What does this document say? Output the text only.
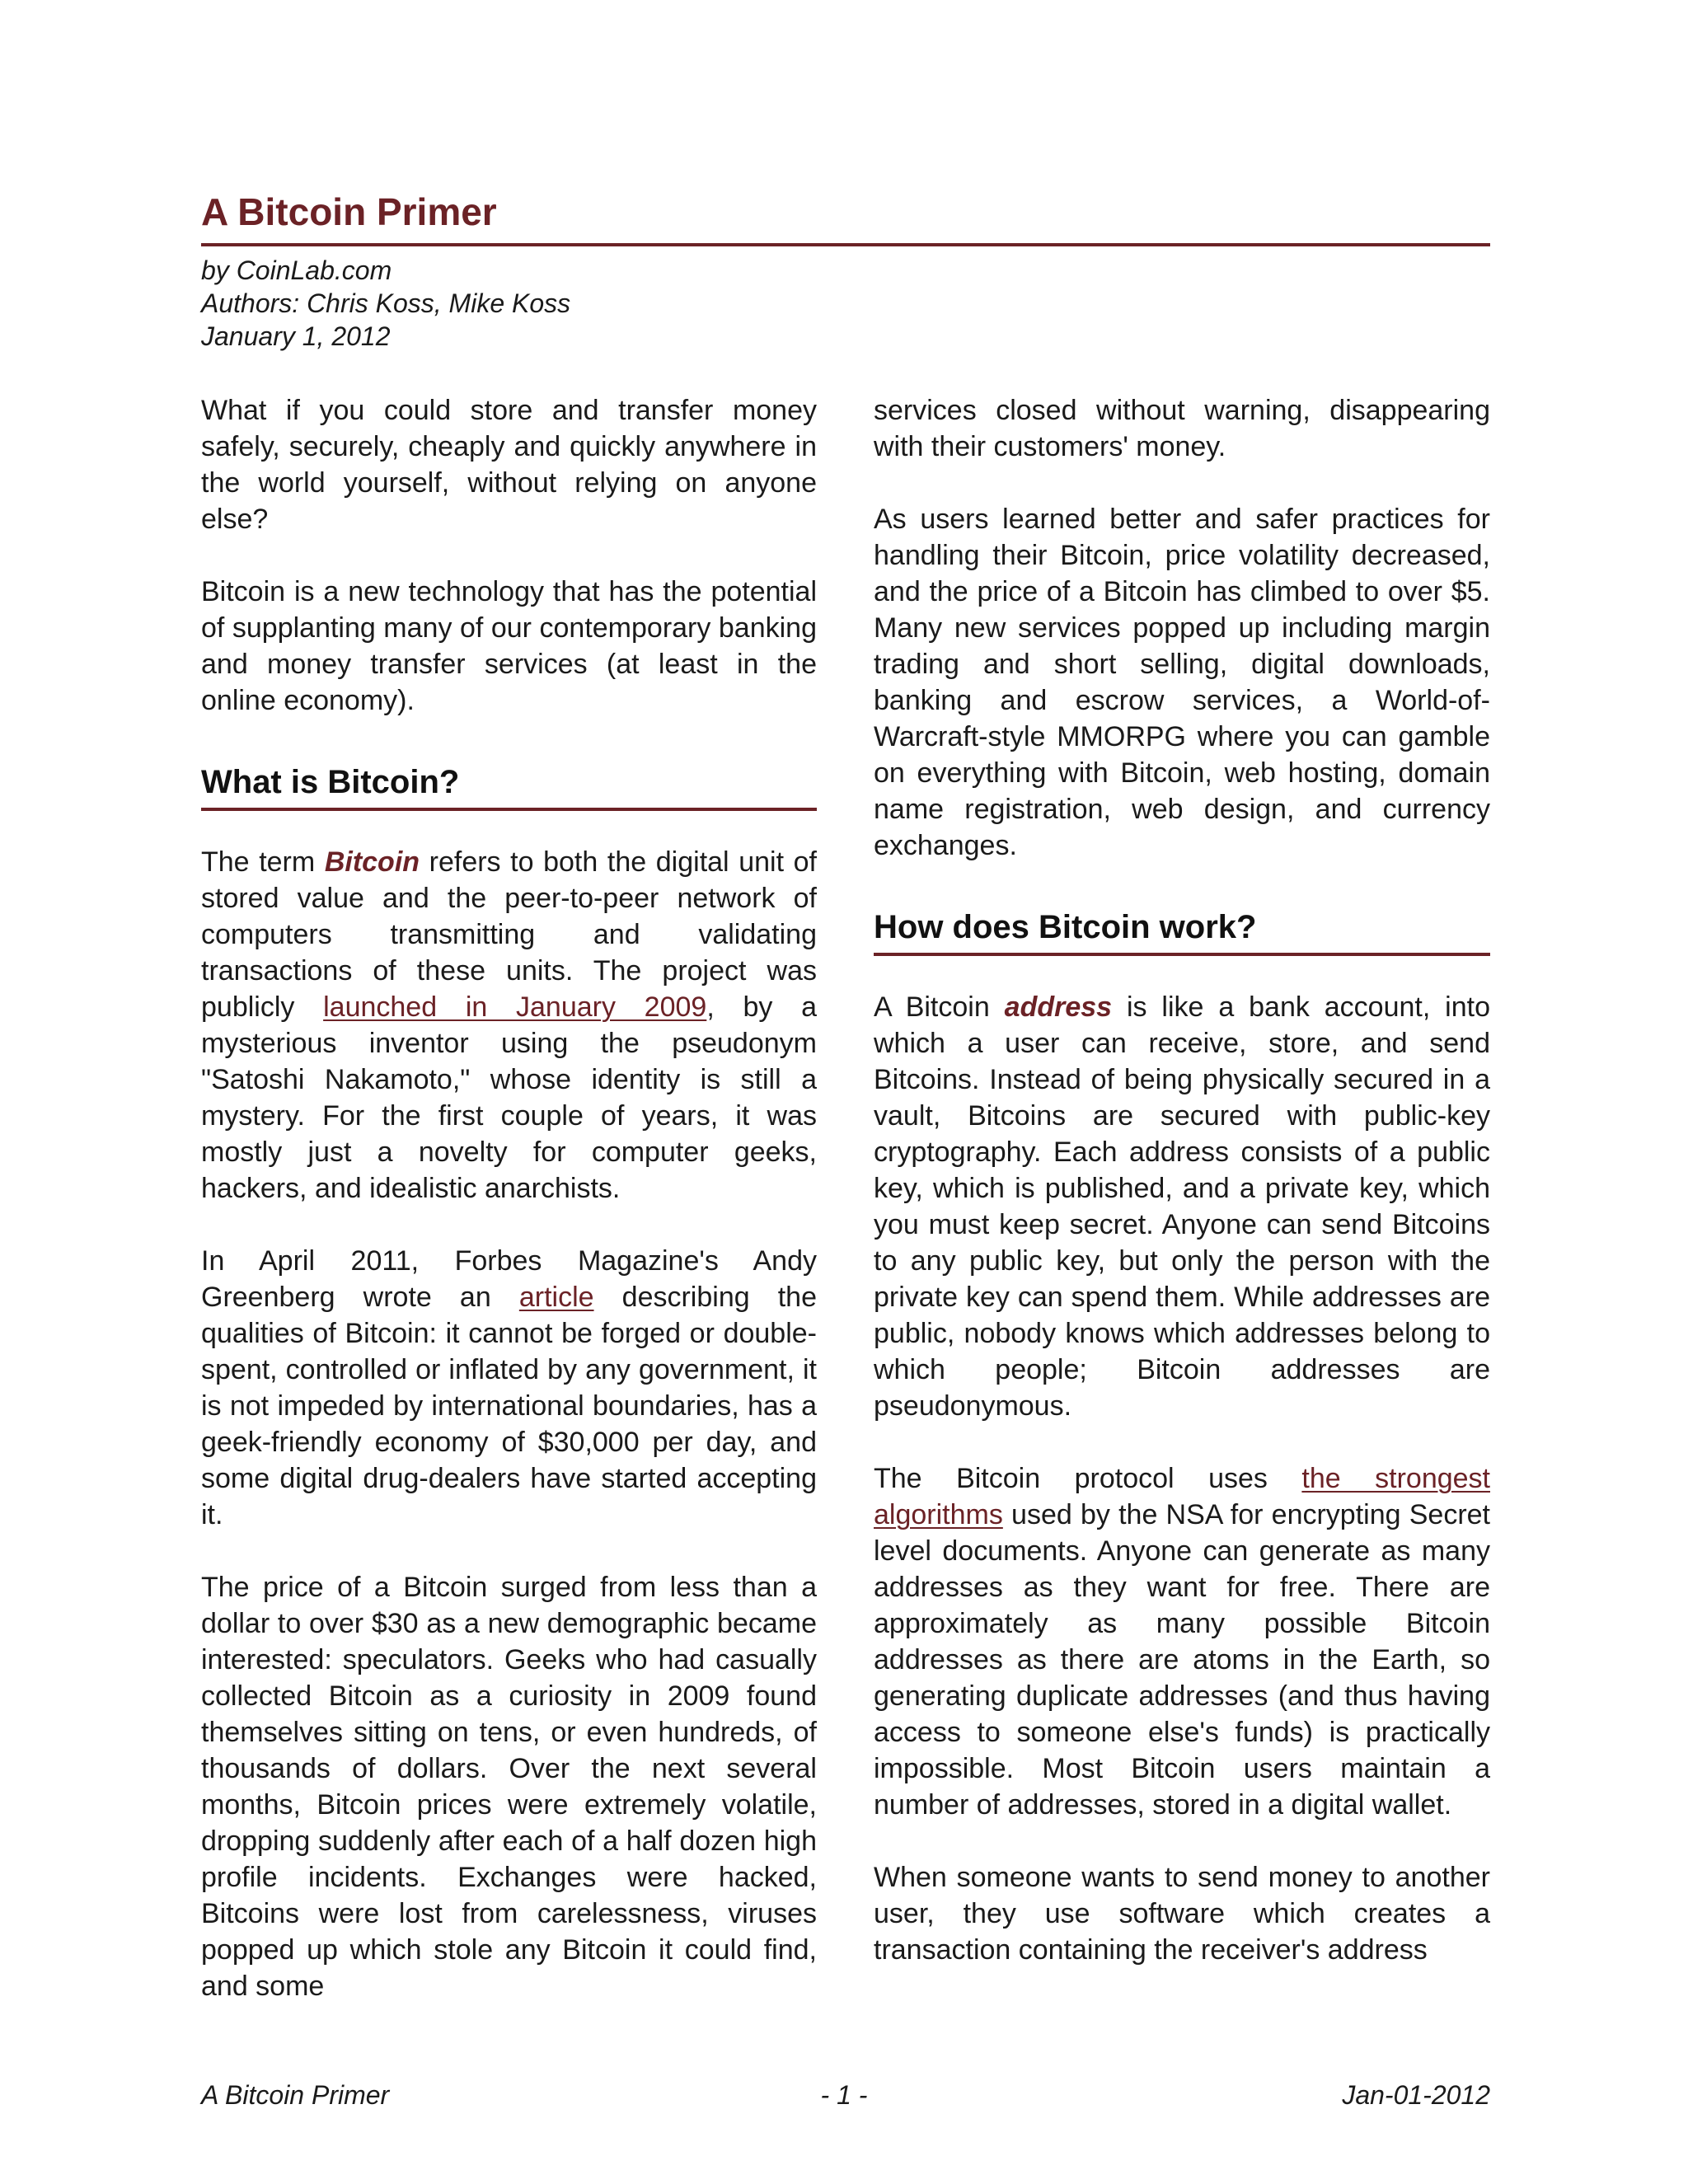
A Bitcoin Primer
by CoinLab.com
Authors: Chris Koss, Mike Koss
January 1, 2012

What if you could store and transfer money safely, securely, cheaply and quickly anywhere in the world yourself, without relying on anyone else?

Bitcoin is a new technology that has the potential of supplanting many of our contemporary banking and money transfer services (at least in the online economy).

What is Bitcoin?

The term Bitcoin refers to both the digital unit of stored value and the peer-to-peer network of computers transmitting and validating transactions of these units. The project was publicly launched in January 2009, by a mysterious inventor using the pseudonym "Satoshi Nakamoto," whose identity is still a mystery. For the first couple of years, it was mostly just a novelty for computer geeks, hackers, and idealistic anarchists.

In April 2011, Forbes Magazine's Andy Greenberg wrote an article describing the qualities of Bitcoin: it cannot be forged or double-spent, controlled or inflated by any government, it is not impeded by international boundaries, has a geek-friendly economy of $30,000 per day, and some digital drug-dealers have started accepting it.

The price of a Bitcoin surged from less than a dollar to over $30 as a new demographic became interested: speculators. Geeks who had casually collected Bitcoin as a curiosity in 2009 found themselves sitting on tens, or even hundreds, of thousands of dollars. Over the next several months, Bitcoin prices were extremely volatile, dropping suddenly after each of a half dozen high profile incidents. Exchanges were hacked, Bitcoins were lost from carelessness, viruses popped up which stole any Bitcoin it could find, and some

services closed without warning, disappearing with their customers' money.

As users learned better and safer practices for handling their Bitcoin, price volatility decreased, and the price of a Bitcoin has climbed to over $5. Many new services popped up including margin trading and short selling, digital downloads, banking and escrow services, a World-of-Warcraft-style MMORPG where you can gamble on everything with Bitcoin, web hosting, domain name registration, web design, and currency exchanges.

How does Bitcoin work?

A Bitcoin address is like a bank account, into which a user can receive, store, and send Bitcoins. Instead of being physically secured in a vault, Bitcoins are secured with public-key cryptography. Each address consists of a public key, which is published, and a private key, which you must keep secret. Anyone can send Bitcoins to any public key, but only the person with the private key can spend them. While addresses are public, nobody knows which addresses belong to which people; Bitcoin addresses are pseudonymous.

The Bitcoin protocol uses the strongest algorithms used by the NSA for encrypting Secret level documents. Anyone can generate as many addresses as they want for free. There are approximately as many possible Bitcoin addresses as there are atoms in the Earth, so generating duplicate addresses (and thus having access to someone else's funds) is practically impossible. Most Bitcoin users maintain a number of addresses, stored in a digital wallet.

When someone wants to send money to another user, they use software which creates a transaction containing the receiver's address

A Bitcoin Primer	- 1 -	Jan-01-2012
